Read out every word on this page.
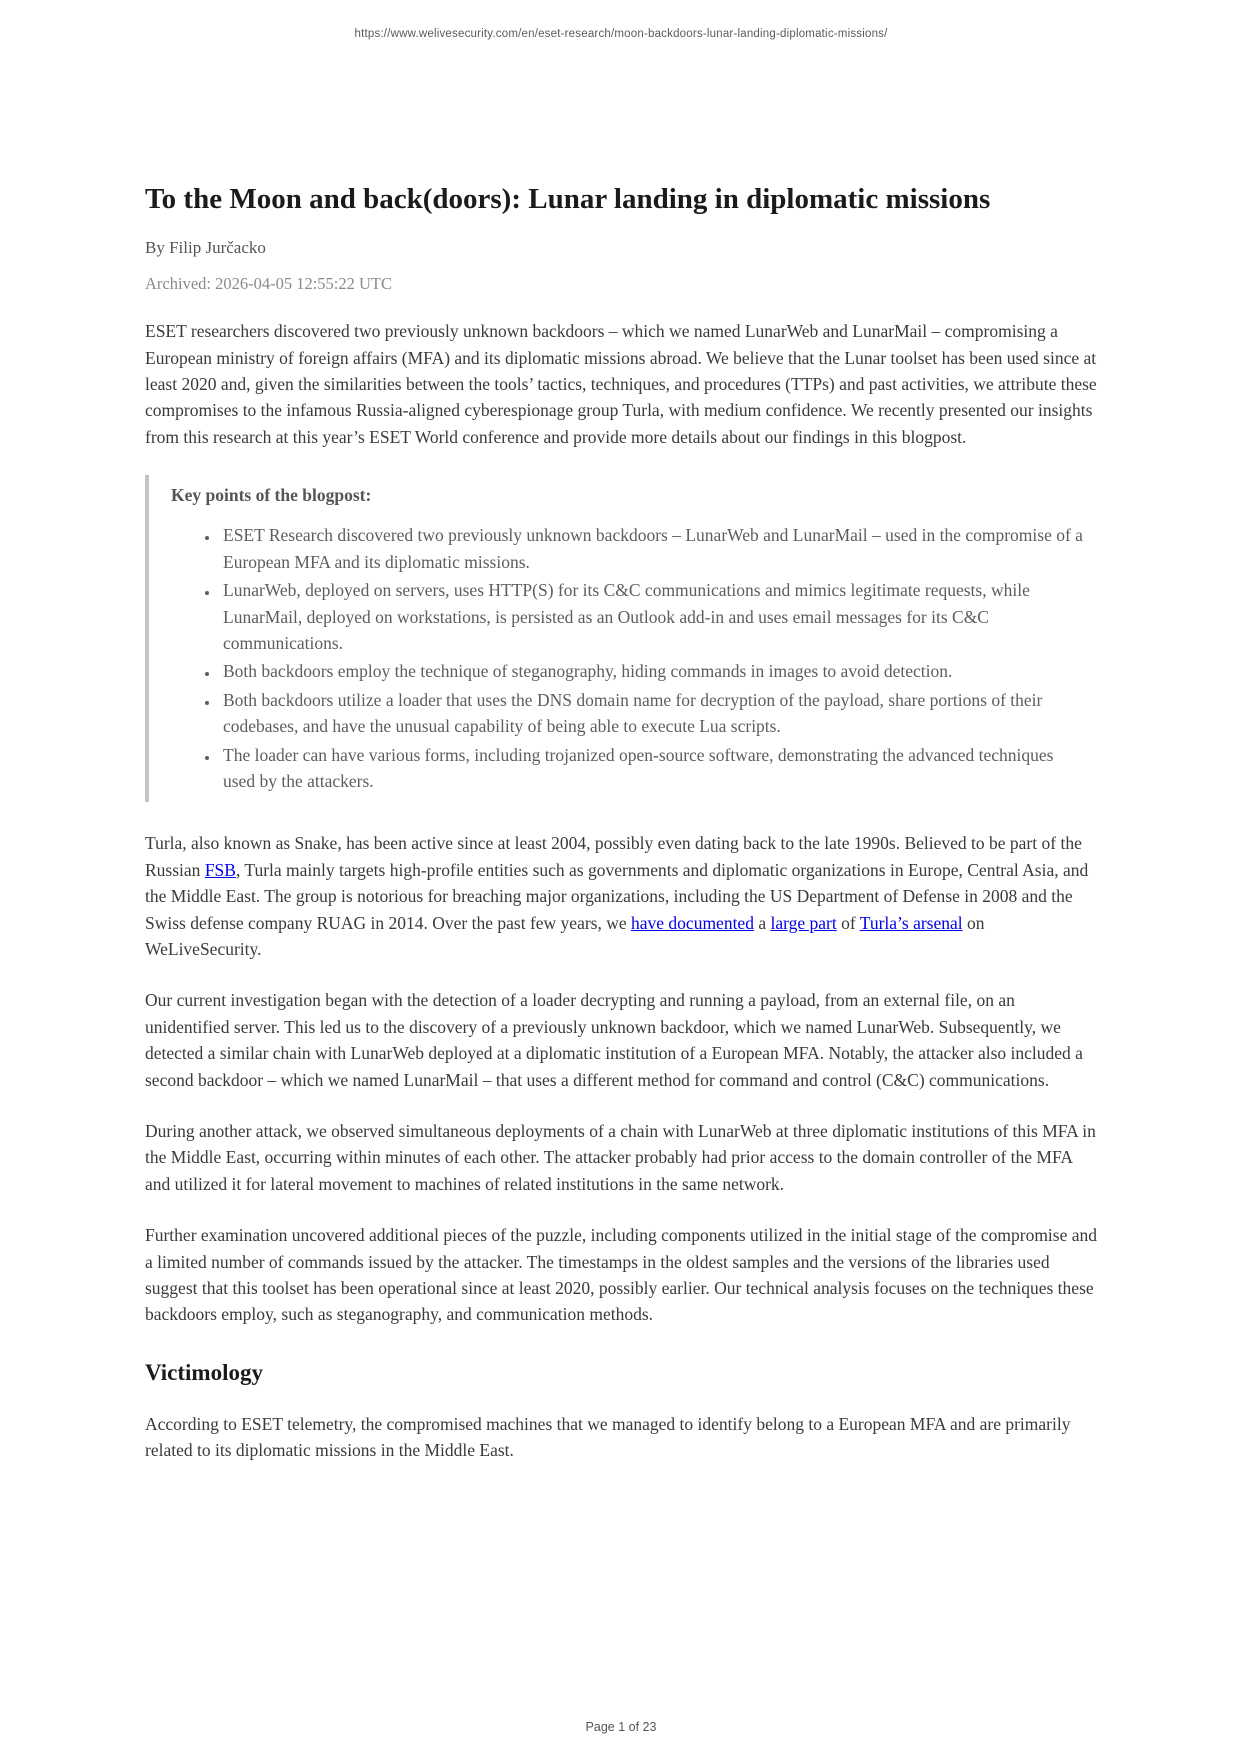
https://www.welivesecurity.com/en/eset-research/moon-backdoors-lunar-landing-diplomatic-missions/
To the Moon and back(doors): Lunar landing in diplomatic missions
By Filip Jurčacko
Archived: 2026-04-05 12:55:22 UTC

ESET researchers discovered two previously unknown backdoors – which we named LunarWeb and LunarMail – compromising a European ministry of foreign affairs (MFA) and its diplomatic missions abroad. We believe that the Lunar toolset has been used since at least 2020 and, given the similarities between the tools’ tactics, techniques, and procedures (TTPs) and past activities, we attribute these compromises to the infamous Russia-aligned cyberespionage group Turla, with medium confidence. We recently presented our insights from this research at this year’s ESET World conference and provide more details about our findings in this blogpost.

Key points of the blogpost:
• ESET Research discovered two previously unknown backdoors – LunarWeb and LunarMail – used in the compromise of a European MFA and its diplomatic missions.
• LunarWeb, deployed on servers, uses HTTP(S) for its C&C communications and mimics legitimate requests, while LunarMail, deployed on workstations, is persisted as an Outlook add-in and uses email messages for its C&C communications.
• Both backdoors employ the technique of steganography, hiding commands in images to avoid detection.
• Both backdoors utilize a loader that uses the DNS domain name for decryption of the payload, share portions of their codebases, and have the unusual capability of being able to execute Lua scripts.
• The loader can have various forms, including trojanized open-source software, demonstrating the advanced techniques used by the attackers.

Turla, also known as Snake, has been active since at least 2004, possibly even dating back to the late 1990s. Believed to be part of the Russian FSB, Turla mainly targets high-profile entities such as governments and diplomatic organizations in Europe, Central Asia, and the Middle East. The group is notorious for breaching major organizations, including the US Department of Defense in 2008 and the Swiss defense company RUAG in 2014. Over the past few years, we have documented a large part of Turla’s arsenal on WeLiveSecurity.

Our current investigation began with the detection of a loader decrypting and running a payload, from an external file, on an unidentified server. This led us to the discovery of a previously unknown backdoor, which we named LunarWeb. Subsequently, we detected a similar chain with LunarWeb deployed at a diplomatic institution of a European MFA. Notably, the attacker also included a second backdoor – which we named LunarMail – that uses a different method for command and control (C&C) communications.

During another attack, we observed simultaneous deployments of a chain with LunarWeb at three diplomatic institutions of this MFA in the Middle East, occurring within minutes of each other. The attacker probably had prior access to the domain controller of the MFA and utilized it for lateral movement to machines of related institutions in the same network.

Further examination uncovered additional pieces of the puzzle, including components utilized in the initial stage of the compromise and a limited number of commands issued by the attacker. The timestamps in the oldest samples and the versions of the libraries used suggest that this toolset has been operational since at least 2020, possibly earlier. Our technical analysis focuses on the techniques these backdoors employ, such as steganography, and communication methods.

Victimology

According to ESET telemetry, the compromised machines that we managed to identify belong to a European MFA and are primarily related to its diplomatic missions in the Middle East.

Page 1 of 23
